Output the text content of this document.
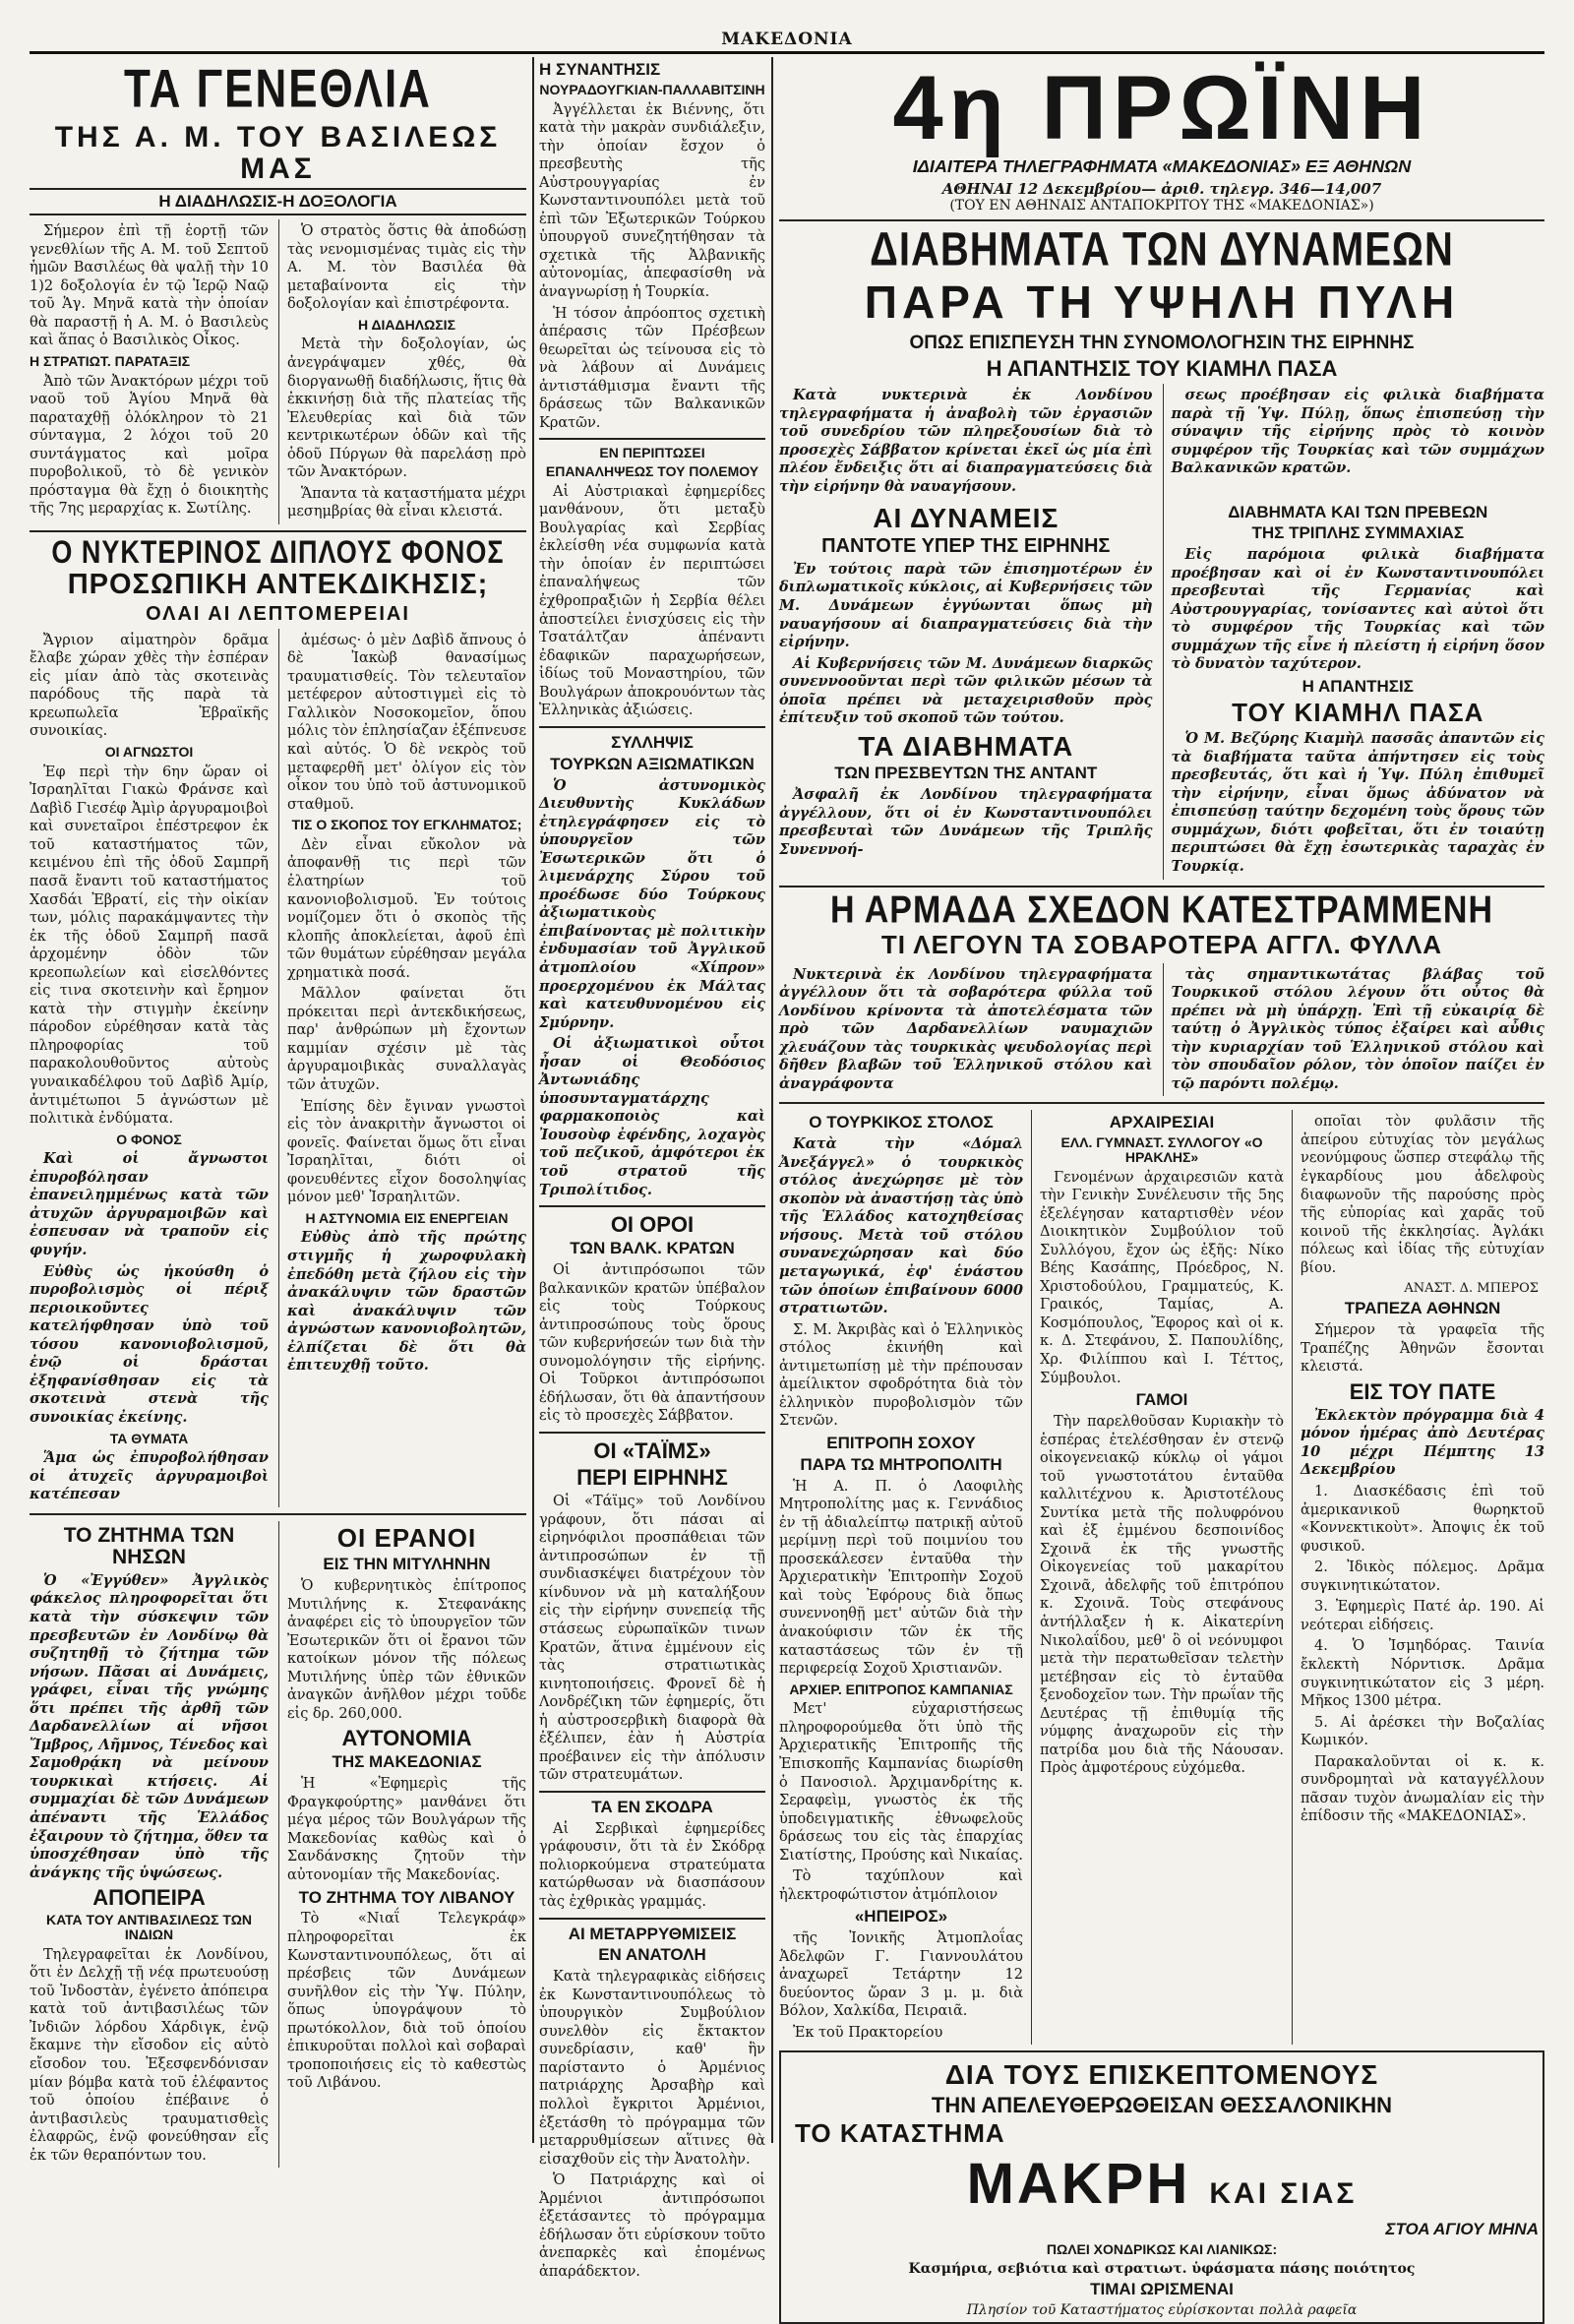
ΜΑΚΕΔΟΝΙΑ
ΤΑ ΓΕΝΕΘΛΙΑ
ΤΗΣ Α. Μ. ΤΟΥ ΒΑΣΙΛΕΩΣ ΜΑΣ
Η ΔΙΑΔΗΛΩΣΙΣ-Η ΔΟΞΟΛΟΓΙΑ

Σήμερον ἐπὶ τῇ ἑορτῇ τῶν γενεθλίων τῆς Α. Μ. τοῦ Σεπτοῦ ἡμῶν Βασιλέως θὰ ψαλῇ τὴν 10 1)2 δοξολογία ἐν τῷ Ἱερῷ Ναῷ τοῦ Ἁγ. Μηνᾶ κατὰ τὴν ὁποίαν θὰ παραστῇ ἡ Α. Μ. ὁ Βασιλεὺς καὶ ἅπας ὁ Βασιλικὸς Οἶκος.

Η ΣΤΡΑΤΙΩΤ. ΠΑΡΑΤΑΞΙΣ

Ἀπὸ τῶν Ἀνακτόρων μέχρι τοῦ ναοῦ τοῦ Ἁγίου Μηνᾶ θὰ παραταχθῇ ὁλόκληρον τὸ 21 σύνταγμα, 2 λόχοι τοῦ 20 συντάγματος καὶ μοῖρα πυροβολικοῦ, τὸ δὲ γενικὸν πρόσταγμα θὰ ἔχῃ ὁ διοικητὴς τῆς 7ης μεραρχίας κ. Σωτίλης.

Ὁ στρατὸς ὅστις θὰ ἀποδώσῃ τὰς νενομισμένας τιμὰς εἰς τὴν Α. Μ. τὸν Βασιλέα θὰ μεταβαίνοντα εἰς τὴν δοξολογίαν καὶ ἐπιστρέφοντα.

Η ΔΙΑΔΗΛΩΣΙΣ

Μετὰ τὴν δοξολογίαν, ὡς ἀνεγράψαμεν χθές, θὰ διοργανωθῇ διαδήλωσις, ἥτις θὰ ἐκκινήσῃ διὰ τῆς πλατείας τῆς Ἐλευθερίας καὶ διὰ τῶν κεντρικωτέρων ὁδῶν καὶ τῆς ὁδοῦ Πύργων θὰ παρελάσῃ πρὸ τῶν Ἀνακτόρων.

Ἅπαντα τὰ καταστήματα μέχρι μεσημβρίας θὰ εἶναι κλειστά.

Ο ΝΥΚΤΕΡΙΝΟΣ ΔΙΠΛΟΥΣ ΦΟΝΟΣ
ΠΡΟΣΩΠΙΚΗ ΑΝΤΕΚΔΙΚΗΣΙΣ;
ΟΛΑΙ ΑΙ ΛΕΠΤΟΜΕΡΕΙΑΙ

Ἄγριον αἱματηρὸν δρᾶμα ἔλαβε χώραν χθὲς τὴν ἑσπέραν εἰς μίαν ἀπὸ τὰς σκοτεινὰς παρόδους τῆς παρὰ τὰ κρεωπωλεῖα Ἑβραϊκῆς συνοικίας.

ΟΙ ΑΓΝΩΣΤΟΙ

Ἐφ περὶ τὴν 6ην ὥραν οἱ Ἰσραηλῖται Γιακὼ Φράνσε καὶ Δαβὶδ Γιεσέφ Ἀμὶρ ἀργυραμοιβοὶ καὶ συνεταῖροι ἐπέστρεφον ἐκ τοῦ καταστήματος τῶν, κειμένου ἐπὶ τῆς ὁδοῦ Σαμπρῆ πασᾶ ἔναντι τοῦ καταστήματος Χασδάι Ἐβρατί, εἰς τὴν οἰκίαν των, μόλις παρακάμψαντες τὴν ἐκ τῆς ὁδοῦ Σαμπρῆ πασᾶ ἀρχομένην ὁδὸν τῶν κρεοπωλείων καὶ εἰσελθόντες εἰς τινα σκοτεινὴν καὶ ἔρημον κατὰ τὴν στιγμὴν ἐκείνην πάροδον εὑρέθησαν κατὰ τὰς πληροφορίας τοῦ παρακολουθοῦντος αὐτοὺς γυναικαδέλφου τοῦ Δαβὶδ Ἀμίρ, ἀντιμέτωποι 5 ἀγνώστων μὲ πολιτικὰ ἐνδύματα.

Ο ΦΟΝΟΣ

Καὶ οἱ ἄγνωστοι ἐπυροβόλησαν ἐπανειλημμένως κατὰ τῶν ἀτυχῶν ἀργυραμοιβῶν καὶ ἐσπευσαν νὰ τραποῦν εἰς φυγήν.

Εὐθὺς ὡς ἠκούσθη ὁ πυροβολισμὸς οἱ πέριξ περιοικοῦντες κατελήφθησαν ὑπὸ τοῦ τόσου κανονιοβολισμοῦ, ἐνῷ οἱ δράσται ἐξηφανίσθησαν εἰς τὰ σκοτεινὰ στενὰ τῆς συνοικίας ἐκείνης.

ΤΑ ΘΥΜΑΤΑ

Ἅμα ὡς ἐπυροβολήθησαν οἱ ἀτυχεῖς ἀργυραμοιβοὶ κατέπεσαν

ἀμέσως· ὁ μὲν Δαβὶδ ἄπνους ὁ δὲ Ἰακὼβ θανασίμως τραυματισθείς. Τὸν τελευταῖον μετέφερον αὐτοστιγμεὶ εἰς τὸ Γαλλικὸν Νοσοκομεῖον, ὅπου μόλις τὸν ἐπλησίαζαν ἐξέπνευσε καὶ αὐτός. Ὁ δὲ νεκρὸς τοῦ μεταφερθῆ μετ' ὀλίγον εἰς τὸν οἶκον του ὑπὸ τοῦ ἀστυνομικοῦ σταθμοῦ.

ΤΙΣ Ο ΣΚΟΠΟΣ ΤΟΥ ΕΓΚΛΗΜΑΤΟΣ;

Δὲν εἶναι εὔκολον νὰ ἀποφανθῇ τις περὶ τῶν ἐλατηρίων τοῦ κανονιοβολισμοῦ. Ἐν τούτοις νομίζομεν ὅτι ὁ σκοπὸς τῆς κλοπῆς ἀποκλείεται, ἀφοῦ ἐπὶ τῶν θυμάτων εὑρέθησαν μεγάλα χρηματικὰ ποσά.

Μᾶλλον φαίνεται ὅτι πρόκειται περὶ ἀντεκδικήσεως, παρ' ἀνθρώπων μὴ ἔχοντων καμμίαν σχέσιν μὲ τὰς ἀργυραμοιβικὰς συναλλαγὰς τῶν ἀτυχῶν.

Ἐπίσης δὲν ἔγιναν γνωστοὶ εἰς τὸν ἀνακριτὴν ἄγνωστοι οἱ φονεῖς. Φαίνεται ὅμως ὅτι εἶναι Ἰσραηλῖται, διότι οἱ φονευθέντες εἶχον δοσοληψίας μόνον μεθ' Ἰσραηλιτῶν.

Η ΑΣΤΥΝΟΜΙΑ ΕΙΣ ΕΝΕΡΓΕΙΑΝ

Εὐθὺς ἀπὸ τῆς πρώτης στιγμῆς ἡ χωροφυλακὴ ἐπεδόθη μετὰ ζήλου εἰς τὴν ἀνακάλυψιν τῶν δραστῶν καὶ ἀνακάλυψιν τῶν ἀγνώστων κανονιοβολητῶν, ἐλπίζεται δὲ ὅτι θὰ ἐπιτευχθῇ τοῦτο.

ΤΟ ΖΗΤΗΜΑ ΤΩΝ ΝΗΣΩΝ

Ὁ «Ἐγγύθεν» Ἀγγλικὸς φάκελος πληροφορεῖται ὅτι κατὰ τὴν σύσκεψιν τῶν πρεσβευτῶν ἐν Λονδίνῳ θὰ συζητηθῇ τὸ ζήτημα τῶν νήσων. Πᾶσαι αἱ Δυνάμεις, γράφει, εἶναι τῆς γνώμης ὅτι πρέπει τῆς ἀρθῆ τῶν Δαρδανελλίων αἱ νῆσοι Ἴμβρος, Λῆμνος, Τένεδος καὶ Σαμοθρᾴκη νὰ μείνουν τουρκικαὶ κτήσεις. Αἱ συμμαχίαι δὲ τῶν Δυνάμεων ἀπέναντι τῆς Ἑλλάδος ἐξαιρουν τὸ ζήτημα, ὅθεν τα ὑποσχέθησαν ὑπὸ τῆς ἀνάγκης τῆς ὑψώσεως.

ΑΠΟΠΕΙΡΑ
ΚΑΤΑ ΤΟΥ ΑΝΤΙΒΑΣΙΛΕΩΣ ΤΩΝ ΙΝΔΙΩΝ

Τηλεγραφεῖται ἐκ Λονδίνου, ὅτι ἐν Δελχῇ τῇ νέᾳ πρωτευούσῃ τοῦ Ἰνδοστὰν, ἐγένετο ἀπόπειρα κατὰ τοῦ ἀντιβασιλέως τῶν Ἰνδιῶν λόρδου Χάρδιγκ, ἐνῷ ἔκαμνε τὴν εἴσοδον εἰς αὐτὸ εἴσοδον του. Ἐξεσφενδόνισαν μίαν βόμβα κατὰ τοῦ ἐλέφαντος τοῦ ὁποίου ἐπέβαινε ὁ ἀντιβασιλεὺς τραυματισθεὶς ἐλαφρῶς, ἐνῷ φονεύθησαν εἷς ἐκ τῶν θεραπόντων του.

ΟΙ ΕΡΑΝΟΙ
ΕΙΣ ΤΗΝ ΜΙΤΥΛΗΝΗΝ

Ὁ κυβερνητικὸς ἐπίτροπος Μυτιλήνης κ. Στεφανάκης ἀναφέρει εἰς τὸ ὑπουργεῖον τῶν Ἐσωτερικῶν ὅτι οἱ ἔρανοι τῶν κατοίκων μόνον τῆς πόλεως Μυτιλήνης ὑπὲρ τῶν ἐθνικῶν ἀναγκῶν ἀνῆλθον μέχρι τοῦδε εἰς δρ. 260,000.

ΑΥΤΟΝΟΜΙΑ
ΤΗΣ ΜΑΚΕΔΟΝΙΑΣ

Ἡ «Ἐφημερὶς τῆς Φραγκφούρτης» μανθάνει ὅτι μέγα μέρος τῶν Βουλγάρων τῆς Μακεδονίας καθὼς καὶ ὁ Σανδάνσκης ζητοῦν τὴν αὐτονομίαν τῆς Μακεδονίας.

ΤΟ ΖΗΤΗΜΑ ΤΟΥ ΛΙΒΑΝΟΥ

Τὸ «Νιαΐ Τελεγκράφ» πληροφορεῖται ἐκ Κωνσταντινουπόλεως, ὅτι αἱ πρέσβεις τῶν Δυνάμεων συνῆλθον εἰς τὴν Ὑψ. Πύλην, ὅπως ὑπογράψουν τὸ πρωτόκολλον, διὰ τοῦ ὁποίου ἐπικυροῦται πολλοὶ καὶ σοβαραὶ τροποποιήσεις εἰς τὸ καθεστὼς τοῦ Λιβάνου.

Η ΣΥΝΑΝΤΗΣΙΣ
ΝΟΥΡΑΔΟΥΓΚΙΑΝ-ΠΑΛΛΑΒΙΤΣΙΝΗ

Ἀγγέλλεται ἐκ Βιέννης, ὅτι κατὰ τὴν μακρὰν συνδιάλεξιν, τὴν ὁποίαν ἔσχον ὁ πρεσβευτὴς τῆς Αὐστρουγγαρίας ἐν Κωνσταντινουπόλει μετὰ τοῦ ἐπὶ τῶν Ἐξωτερικῶν Τούρκου ὑπουργοῦ συνεζητήθησαν τὰ σχετικὰ τῆς Ἀλβανικῆς αὐτονομίας, ἀπεφασίσθη νὰ ἀναγνωρίσῃ ἡ Τουρκία.

Ἡ τόσον ἀπρόοπτος σχετικὴ ἀπέρασις τῶν Πρέσβεων θεωρεῖται ὡς τείνουσα εἰς τὸ νὰ λάβουν αἱ Δυνάμεις ἀντιστάθμισμα ἔναντι τῆς δράσεως τῶν Βαλκανικῶν Κρατῶν.

ΕΝ ΠΕΡΙΠΤΩΣΕΙ
ΕΠΑΝΑΛΗΨΕΩΣ ΤΟΥ ΠΟΛΕΜΟΥ

Αἱ Αὐστριακαὶ ἐφημερίδες μανθάνουν, ὅτι μεταξὺ Βουλγαρίας καὶ Σερβίας ἐκλείσθη νέα συμφωνία κατὰ τὴν ὁποίαν ἐν περιπτώσει ἐπαναλήψεως τῶν ἐχθροπραξιῶν ἡ Σερβία θέλει ἀποστείλει ἐνισχύσεις εἰς τὴν Τσατάλτζαν ἀπέναντι ἐδαφικῶν παραχωρήσεων, ἰδίως τοῦ Μοναστηρίου, τῶν Βουλγάρων ἀποκρουόντων τὰς Ἑλληνικὰς ἀξιώσεις.

ΣΥΛΛΗΨΙΣ
ΤΟΥΡΚΩΝ ΑΞΙΩΜΑΤΙΚΩΝ

Ὁ ἀστυνομικὸς Διευθυντὴς Κυκλάδων ἐτηλεγράφησεν εἰς τὸ ὑπουργεῖον τῶν Ἐσωτερικῶν ὅτι ὁ λιμενάρχης Σύρου τοῦ προέδωσε δύο Τούρκους ἀξιωματικοὺς ἐπιβαίνοντας μὲ πολιτικὴν ἐνδυμασίαν τοῦ Ἀγγλικοῦ ἀτμοπλοίου «Χίπρον» προερχομένου ἐκ Μάλτας καὶ κατευθυνομένου εἰς Σμύρνην.

Οἱ ἀξιωματικοὶ οὗτοι ἦσαν οἱ Θεοδόσιος Ἀντωνιάδης ὑποσυνταγματάρχης φαρμακοποιὸς καὶ Ἰουσοὺφ ἐφένδης, λοχαγὸς τοῦ πεζικοῦ, ἀμφότεροι ἐκ τοῦ στρατοῦ τῆς Τριπολίτιδος.

ΟΙ ΟΡΟΙ
ΤΩΝ ΒΑΛΚ. ΚΡΑΤΩΝ

Οἱ ἀντιπρόσωποι τῶν βαλκανικῶν κρατῶν ὑπέβαλον εἰς τοὺς Τούρκους ἀντιπροσώπους τοὺς ὅρους τῶν κυβερνήσεών των διὰ τὴν συνομολόγησιν τῆς εἰρήνης. Οἱ Τοῦρκοι ἀντιπρόσωποι ἐδήλωσαν, ὅτι θὰ ἀπαντήσουν εἰς τὸ προσεχὲς Σάββατον.

ΟΙ «ΤΑΪΜΣ»
ΠΕΡΙ ΕΙΡΗΝΗΣ

Οἱ «Τάϊμς» τοῦ Λονδίνου γράφουν, ὅτι πάσαι αἱ εἰρηνόφιλοι προσπάθειαι τῶν ἀντιπροσώπων ἐν τῇ συνδιασκέψει διατρέχουν τὸν κίνδυνον νὰ μὴ καταλήξουν εἰς τὴν εἰρήνην συνεπείᾳ τῆς στάσεως εὐρωπαϊκῶν τινων Κρατῶν, ἅτινα ἐμμένουν εἰς τὰς στρατιωτικὰς κινητοποιήσεις. Φρονεῖ δὲ ἡ Λονδρέζικη τῶν ἐφημερίς, ὅτι ἡ αὐστροσερβικὴ διαφορὰ θὰ ἐξέλιπεν, ἐὰν ἡ Αὐστρία προέβαινεν εἰς τὴν ἀπόλυσιν τῶν στρατευμάτων.

ΤΑ ΕΝ ΣΚΟΔΡΑ

Αἱ Σερβικαὶ ἐφημερίδες γράφουσιν, ὅτι τὰ ἐν Σκόδρᾳ πολιορκούμενα στρατεύματα κατώρθωσαν νὰ διασπάσουν τὰς ἐχθρικὰς γραμμάς.

ΑΙ ΜΕΤΑΡΡΥΘΜΙΣΕΙΣ
ΕΝ ΑΝΑΤΟΛΗ

Κατὰ τηλεγραφικὰς εἰδήσεις ἐκ Κωνσταντινουπόλεως τὸ ὑπουργικὸν Συμβούλιον συνελθὸν εἰς ἔκτακτον συνεδρίασιν, καθ' ἣν παρίσταντο ὁ Ἀρμένιος πατριάρχης Ἀρσαβὴρ καὶ πολλοὶ ἔγκριτοι Ἀρμένιοι, ἐξετάσθη τὸ πρόγραμμα τῶν μεταρρυθμίσεων αἵτινες θὰ εἰσαχθοῦν εἰς τὴν Ἀνατολὴν.

Ὁ Πατριάρχης καὶ οἱ Ἀρμένιοι ἀντιπρόσωποι ἐξετάσαντες τὸ πρόγραμμα ἐδήλωσαν ὅτι εὑρίσκουν τοῦτο ἀνεπαρκὲς καὶ ἐπομένως ἀπαράδεκτον.

4η ΠΡΩΪΝΗ
ΙΔΙΑΙΤΕΡΑ ΤΗΛΕΓΡΑΦΗΜΑΤΑ «ΜΑΚΕΔΟΝΙΑΣ» ΕΞ ΑΘΗΝΩΝ
ΑΘΗΝΑΙ 12 Δεκεμβρίου— ἀριθ. τηλεγρ. 346—14,007
(ΤΟΥ ΕΝ ΑΘΗΝΑΙΣ ΑΝΤΑΠΟΚΡΙΤΟΥ ΤΗΣ «ΜΑΚΕΔΟΝΙΑΣ»)
ΔΙΑΒΗΜΑΤΑ ΤΩΝ ΔΥΝΑΜΕΩΝ
ΠΑΡΑ ΤΗ ΥΨΗΛΗ ΠΥΛΗ
ΟΠΩΣ ΕΠΙΣΠΕΥΣΗ ΤΗΝ ΣΥΝΟΜΟΛΟΓΗΣΙΝ ΤΗΣ ΕΙΡΗΝΗΣ
Η ΑΠΑΝΤΗΣΙΣ ΤΟΥ ΚΙΑΜΗΛ ΠΑΣΑ

Κατὰ νυκτερινὰ ἐκ Λονδίνου τηλεγραφήματα ἡ ἀναβολὴ τῶν ἐργασιῶν τοῦ συνεδρίου τῶν πληρεξουσίων διὰ τὸ προσεχὲς Σάββατον κρίνεται ἐκεῖ ὡς μία ἐπὶ πλέον ἔνδειξις ὅτι αἱ διαπραγματεύσεις διὰ τὴν εἰρήνην θὰ ναυαγήσουν.

σεως προέβησαν εἰς φιλικὰ διαβήματα παρὰ τῇ Ὑψ. Πύλῃ, ὅπως ἐπισπεύσῃ τὴν σύναψιν τῆς εἰρήνης πρὸς τὸ κοινὸν συμφέρον τῆς Τουρκίας καὶ τῶν συμμάχων Βαλκανικῶν κρατῶν.

ΑΙ ΔΥΝΑΜΕΙΣ
ΠΑΝΤΟΤΕ ΥΠΕΡ ΤΗΣ ΕΙΡΗΝΗΣ

Ἐν τούτοις παρὰ τῶν ἐπισημοτέρων ἐν διπλωματικοῖς κύκλοις, αἱ Κυβερνήσεις τῶν Μ. Δυνάμεων ἐγγύωνται ὅπως μὴ ναυαγήσουν αἱ διαπραγματεύσεις διὰ τὴν εἰρήνην.

Αἱ Κυβερνήσεις τῶν Μ. Δυνάμεων διαρκῶς συνεννοοῦνται περὶ τῶν φιλικῶν μέσων τὰ ὁποῖα πρέπει νὰ μεταχειρισθοῦν πρὸς ἐπίτευξιν τοῦ σκοποῦ τῶν τούτου.

ΤΑ ΔΙΑΒΗΜΑΤΑ
ΤΩΝ ΠΡΕΣΒΕΥΤΩΝ ΤΗΣ ΑΝΤΑΝΤ

Ἀσφαλῆ ἐκ Λονδίνου τηλεγραφήματα ἀγγέλλουν, ὅτι οἱ ἐν Κωνσταντινουπόλει πρεσβευταὶ τῶν Δυνάμεων τῆς Τριπλῆς Συνεννοή-

ΔΙΑΒΗΜΑΤΑ ΚΑΙ ΤΩΝ ΠΡΕΒΕΩΝ
ΤΗΣ ΤΡΙΠΛΗΣ ΣΥΜΜΑΧΙΑΣ

Εἰς παρόμοια φιλικὰ διαβήματα προέβησαν καὶ οἱ ἐν Κωνσταντινουπόλει πρεσβευταὶ τῆς Γερμανίας καὶ Αὐστρουγγαρίας, τονίσαντες καὶ αὐτοὶ ὅτι τὸ συμφέρον τῆς Τουρκίας καὶ τῶν συμμάχων τῆς εἶνε ἡ πλείστη ἡ εἰρήνη ὅσον τὸ δυνατὸν ταχύτερον.

Η ΑΠΑΝΤΗΣΙΣ
ΤΟΥ ΚΙΑΜΗΛ ΠΑΣΑ

Ὁ Μ. Βεζύρης Κιαμὴλ πασσᾶς ἀπαντῶν εἰς τὰ διαβήματα ταῦτα ἀπήντησεν εἰς τοὺς πρεσβευτάς, ὅτι καὶ ἡ Ὑψ. Πύλη ἐπιθυμεῖ τὴν εἰρήνην, εἶναι ὅμως ἀδύνατον νὰ ἐπισπεύσῃ ταύτην δεχομένη τοὺς ὅρους τῶν συμμάχων, διότι φοβεῖται, ὅτι ἐν τοιαύτῃ περιπτώσει θὰ ἔχῃ ἐσωτερικὰς ταραχὰς ἐν Τουρκίᾳ.

Η ΑΡΜΑΔΑ ΣΧΕΔΟΝ ΚΑΤΕΣΤΡΑΜΜΕΝΗ
ΤΙ ΛΕΓΟΥΝ ΤΑ ΣΟΒΑΡΟΤΕΡΑ ΑΓΓΛ. ΦΥΛΛΑ

Νυκτερινὰ ἐκ Λονδίνου τηλεγραφήματα ἀγγέλλουν ὅτι τὰ σοβαρότερα φύλλα τοῦ Λονδίνου κρίνοντα τὰ ἀποτελέσματα τῶν πρὸ τῶν Δαρδανελλίων ναυμαχιῶν χλευάζουν τὰς τουρκικὰς ψευδολογίας περὶ δῆθεν βλαβῶν τοῦ Ἑλληνικοῦ στόλου καὶ ἀναγράφοντα

τὰς σημαντικωτάτας βλάβας τοῦ Τουρκικοῦ στόλου λέγουν ὅτι οὗτος θὰ πρέπει νὰ μὴ ὑπάρχῃ. Ἐπὶ τῇ εὐκαιρίᾳ δὲ ταύτῃ ὁ Ἀγγλικὸς τύπος ἐξαίρει καὶ αὖθις τὴν κυριαρχίαν τοῦ Ἑλληνικοῦ στόλου καὶ τὸν σπουδαῖον ρόλον, τὸν ὁποῖον παίζει ἐν τῷ παρόντι πολέμῳ.

Ο ΤΟΥΡΚΙΚΟΣ ΣΤΟΛΟΣ

Κατὰ τὴν «Δόμαλ Ἀνεξάγγελ» ὁ τουρκικὸς στόλος ἀνεχώρησε μὲ τὸν σκοπὸν νὰ ἀναστήσῃ τὰς ὑπὸ τῆς Ἑλλάδος κατοχηθείσας νήσους. Μετὰ τοῦ στόλου συνανεχώρησαν καὶ δύο μεταγωγικά, ἐφ' ἑνάστου τῶν ὁποίων ἐπιβαίνουν 6000 στρατιωτῶν.

Σ. Μ. Ἀκριβὰς καὶ ὁ Ἑλληνικὸς στόλος ἐκινήθη καὶ ἀντιμετωπίσῃ μὲ τὴν πρέπουσαν ἀμείλικτον σφοδρότητα διὰ τὸν ἑλληνικὸν πυροβολισμὸν τῶν Στενῶν.

ΕΠΙΤΡΟΠΗ ΣΟΧΟΥ
ΠΑΡΑ ΤΩ ΜΗΤΡΟΠΟΛΙΤΗ

Ἡ Α. Π. ὁ Λαοφιλὴς Μητροπολίτης μας κ. Γεννάδιος ἐν τῇ ἀδιαλείπτῳ πατρικῇ αὐτοῦ μερίμνῃ περὶ τοῦ ποιμνίου του προσεκάλεσεν ἐνταῦθα τὴν Ἀρχιερατικὴν Ἐπιτροπὴν Σοχοῦ καὶ τοὺς Ἐφόρους διὰ ὅπως συνεννοηθῇ μετ' αὐτῶν διὰ τὴν ἀνακούφισιν τῶν ἐκ τῆς καταστάσεως τῶν ἐν τῇ περιφερείᾳ Σοχοῦ Χριστιανῶν.

ΑΡΧΙΕΡ. ΕΠΙΤΡΟΠΟΣ ΚΑΜΠΑΝΙΑΣ

Μετ' εὐχαριστήσεως πληροφορούμεθα ὅτι ὑπὸ τῆς Ἀρχιερατικῆς Ἐπιτροπῆς τῆς Ἐπισκοπῆς Καμπανίας διωρίσθη ὁ Πανοσιολ. Ἀρχιμανδρίτης κ. Σεραφεὶμ, γνωστὸς ἐκ τῆς ὑποδειγματικῆς ἐθνωφελοῦς δράσεως του εἰς τὰς ἐπαρχίας Σιατίστης, Προύσης καὶ Νικαίας.

Τὸ ταχύπλουν καὶ ἠλεκτροφώτιστον ἀτμόπλοιον

«ΗΠΕΙΡΟΣ»

τῆς Ἰονικῆς Ἀτμοπλοΐας Ἀδελφῶν Γ. Γιαννουλάτου ἀναχωρεῖ Τετάρτην 12 δυεύοντος ὥραν 3 μ. μ. διὰ Βόλον, Χαλκίδα, Πειραιᾶ.

Ἐκ τοῦ Πρακτορείου

ΑΡΧΑΙΡΕΣΙΑΙ
ΕΛΛ. ΓΥΜΝΑΣΤ. ΣΥΛΛΟΓΟΥ «Ο ΗΡΑΚΛΗΣ»

Γενομένων ἀρχαιρεσιῶν κατὰ τὴν Γενικὴν Συνέλευσιν τῆς 5ης ἐξελέγησαν καταρτισθὲν νέον Διοικητικὸν Συμβούλιον τοῦ Συλλόγου, ἔχον ὡς ἑξῆς: Νίκο Βέης Κασάπης, Πρόεδρος, Ν. Χριστοδούλου, Γραμματεύς, Κ. Γραικός, Ταμίας, Α. Κοσμόπουλος, Ἔφορος καὶ οἱ κ. κ. Δ. Στεφάνου, Σ. Παπουλίδης, Χρ. Φιλίππου καὶ Ι. Τέττος, Σύμβουλοι.

ΓΑΜΟΙ

Τὴν παρελθοῦσαν Κυριακὴν τὸ ἑσπέρας ἐτελέσθησαν ἐν στενῷ οἰκογενειακῷ κύκλῳ οἱ γάμοι τοῦ γνωστοτάτου ἐνταῦθα καλλιτέχνου κ. Ἀριστοτέλους Συντίκα μετὰ τῆς πολυφρόνου καὶ ἐξ ἐμμένου δεσποινίδος Σχοινᾶ ἐκ τῆς γνωστῆς Οἰκογενείας τοῦ μακαρίτου Σχοινᾶ, ἀδελφῆς τοῦ ἐπιτρόπου κ. Σχοινᾶ. Τοὺς στεφάνους ἀντήλλαξεν ἡ κ. Αἰκατερίνη Νικολαΐδου, μεθ' ὃ οἱ νεόνυμφοι μετὰ τὴν περατωθεῖσαν τελετὴν μετέβησαν εἰς τὸ ἐνταῦθα ξενοδοχεῖον των. Τὴν πρωΐαν τῆς Δευτέρας τῇ ἐπιθυμίᾳ τῆς νύμφης ἀναχωροῦν εἰς τὴν πατρίδα μου διὰ τῆς Νάουσαν. Πρὸς ἀμφοτέρους εὐχόμεθα.

οποῖαι τὸν φυλᾶσιν τῆς ἀπείρου εὐτυχίας τὸν μεγάλως νεονύμφους ὥσπερ στεφάλῳ τῆς ἐγκαρδίους μου ἀδελφοὺς διαφωνοῦν τῆς παρούσης πρὸς τῆς εὐπορίας καὶ χαρᾶς τοῦ κοινοῦ τῆς ἐκκλησίας. Ἀγλάκι πόλεως καὶ ἱδίας τῆς εὐτυχίαν βίου.

ΑΝΑΣΤ. Δ. ΜΠΕΡΟΣ
ΤΡΑΠΕΖΑ ΑΘΗΝΩΝ

Σήμερον τὰ γραφεῖα τῆς Τραπέζης Ἀθηνῶν ἔσονται κλειστά.

ΕΙΣ ΤΟΥ ΠΑΤΕ

Ἐκλεκτὸν πρόγραμμα διὰ 4 μόνον ἡμέρας ἀπὸ Δευτέρας 10 μέχρι Πέμπτης 13 Δεκεμβρίου

1. Διασκέδασις ἐπὶ τοῦ ἀμερικανικοῦ θωρηκτοῦ «Κοννεκτικοὺτ». Ἀποψις ἐκ τοῦ φυσικοῦ.

2. Ἰδικὸς πόλεμος. Δρᾶμα συγκινητικώτατον.

3. Ἐφημερὶς Πατέ ἀρ. 190. Αἱ νεότεραι εἰδήσεις.

4. Ὁ Ἰσμηδόρας. Ταινία ἔκλεκτὴ Νόρντισκ. Δρᾶμα συγκινητικώτατον εἰς 3 μέρη. Μῆκος 1300 μέτρα.

5. Αἱ ἀρέσκει τὴν Βοζαλίας Κωμικόν.

Παρακαλοῦνται οἱ κ. κ. συνδρομηταὶ νὰ καταγγέλλουν πᾶσαν τυχὸν ἀνωμαλίαν εἰς τὴν ἐπίδοσιν τῆς «ΜΑΚΕΔΟΝΙΑΣ».

ΔΙΑ ΤΟΥΣ ΕΠΙΣΚΕΠΤΟΜΕΝΟΥΣ
ΤΗΝ ΑΠΕΛΕΥΘΕΡΩΘΕΙΣΑΝ ΘΕΣΣΑΛΟΝΙΚΗΝ
ΤΟ ΚΑΤΑΣΤΗΜΑ
ΜΑΚΡΗ ΚΑΙ ΣΙΑΣ
ΣΤΟΑ ΑΓΙΟΥ ΜΗΝΑ
ΠΩΛΕΙ ΧΟΝΔΡΙΚΩΣ ΚΑΙ ΛΙΑΝΙΚΩΣ:
Κασμήρια, σεβιότια καὶ στρατιωτ. ὑφάσματα πάσης ποιότητος
ΤΙΜΑΙ ΩΡΙΣΜΕΝΑΙ
Πλησίον τοῦ Καταστήματος εὑρίσκονται πολλὰ ραφεῖα
